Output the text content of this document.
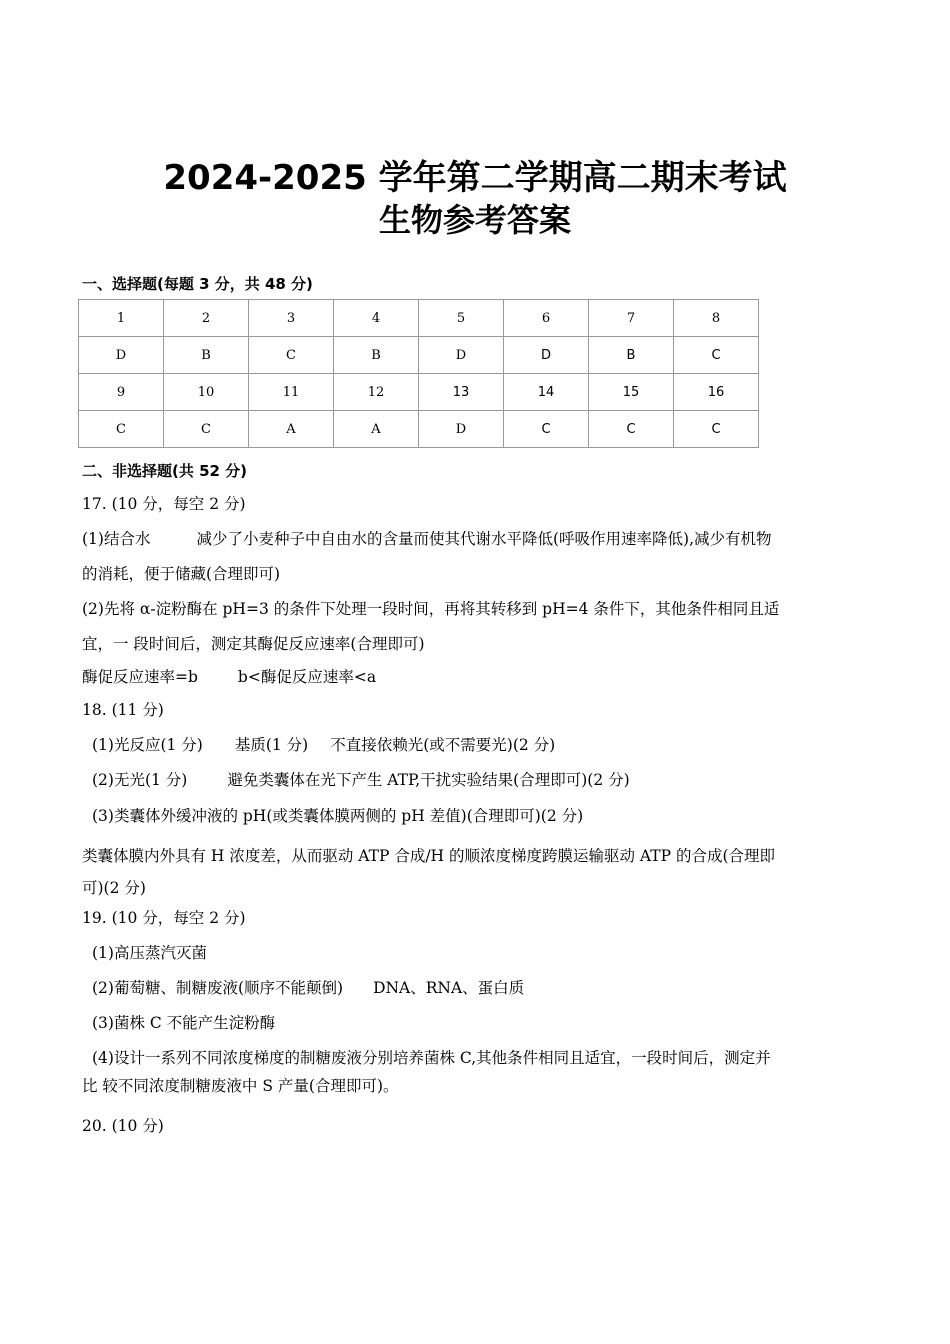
2024-2025 学年第二学期高二期末考试
生物参考答案
一、选择题(每题 3 分，共 48 分)
1	2	3	4	5	6	7	8
D	B	C	B	D	D	B	C
9	10	11	12	13	14	15	16
C	C	A	A	D	C	C	C
二、非选择题(共 52 分)
17. (10 分，每空 2 分)
(1)结合水	减少了小麦种子中自由水的含量而使其代谢水平降低(呼吸作用速率降低),减少有机物
的消耗，便于储藏(合理即可)
(2)先将 α-淀粉酶在 pH=3 的条件下处理一段时间，再将其转移到 pH=4 条件下，其他条件相同且适
宜，一 段时间后，测定其酶促反应速率(合理即可)
酶促反应速率=b	b<酶促反应速率<a
18. (11 分)
(1)光反应(1 分) 基质(1 分) 不直接依赖光(或不需要光)(2 分)
(2)无光(1 分)	避免类囊体在光下产生 ATP,干扰实验结果(合理即可)(2 分)
(3)类囊体外缓冲液的 pH(或类囊体膜两侧的 pH 差值)(合理即可)(2 分)
类囊体膜内外具有 H 浓度差，从而驱动 ATP 合成/H 的顺浓度梯度跨膜运输驱动 ATP 的合成(合理即
可)(2 分)
19. (10 分，每空 2 分)
(1)高压蒸汽灭菌
(2)葡萄糖、制糖废液(顺序不能颠倒) DNA、RNA、蛋白质
(3)菌株 C 不能产生淀粉酶
(4)设计一系列不同浓度梯度的制糖废液分别培养菌株 C,其他条件相同且适宜，一段时间后，测定并
比 较不同浓度制糖废液中 S 产量(合理即可)。
20. (10 分)
